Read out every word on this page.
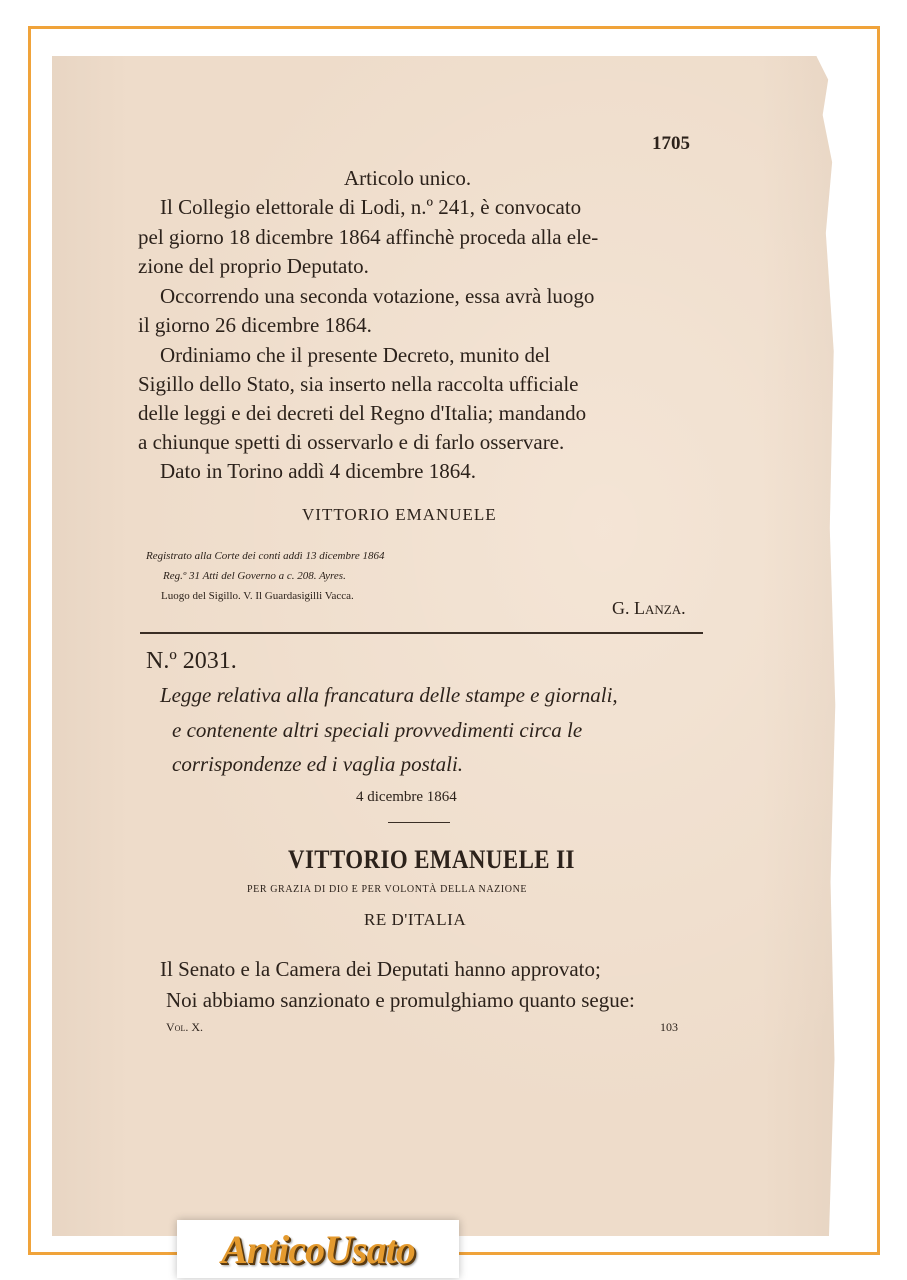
1705
Articolo unico.
Il Collegio elettorale di Lodi, n.º 241, è convocato
pel giorno 18 dicembre 1864 affinchè proceda alla ele-
zione del proprio Deputato.
Occorrendo una seconda votazione, essa avrà luogo
il giorno 26 dicembre 1864.
Ordiniamo che il presente Decreto, munito del
Sigillo dello Stato, sia inserto nella raccolta ufficiale
delle leggi e dei decreti del Regno d'Italia; mandando
a chiunque spetti di osservarlo e di farlo osservare.
Dato in Torino addì 4 dicembre 1864.
VITTORIO EMANUELE
Registrato alla Corte dei conti addì 13 dicembre 1864
Reg.º 31 Atti del Governo a c. 208. Ayres.
Luogo del Sigillo. V. Il Guardasigilli Vacca.
G. Lanza.
N.º 2031.
Legge relativa alla francatura delle stampe e giornali,
e contenente altri speciali provvedimenti circa le
corrispondenze ed i vaglia postali.
4 dicembre 1864
VITTORIO EMANUELE II
PER GRAZIA DI DIO E PER VOLONTÀ DELLA NAZIONE
RE D'ITALIA
Il Senato e la Camera dei Deputati hanno approvato;
Noi abbiamo sanzionato e promulghiamo quanto segue:
Vol. X.	103
AnticoUsato
